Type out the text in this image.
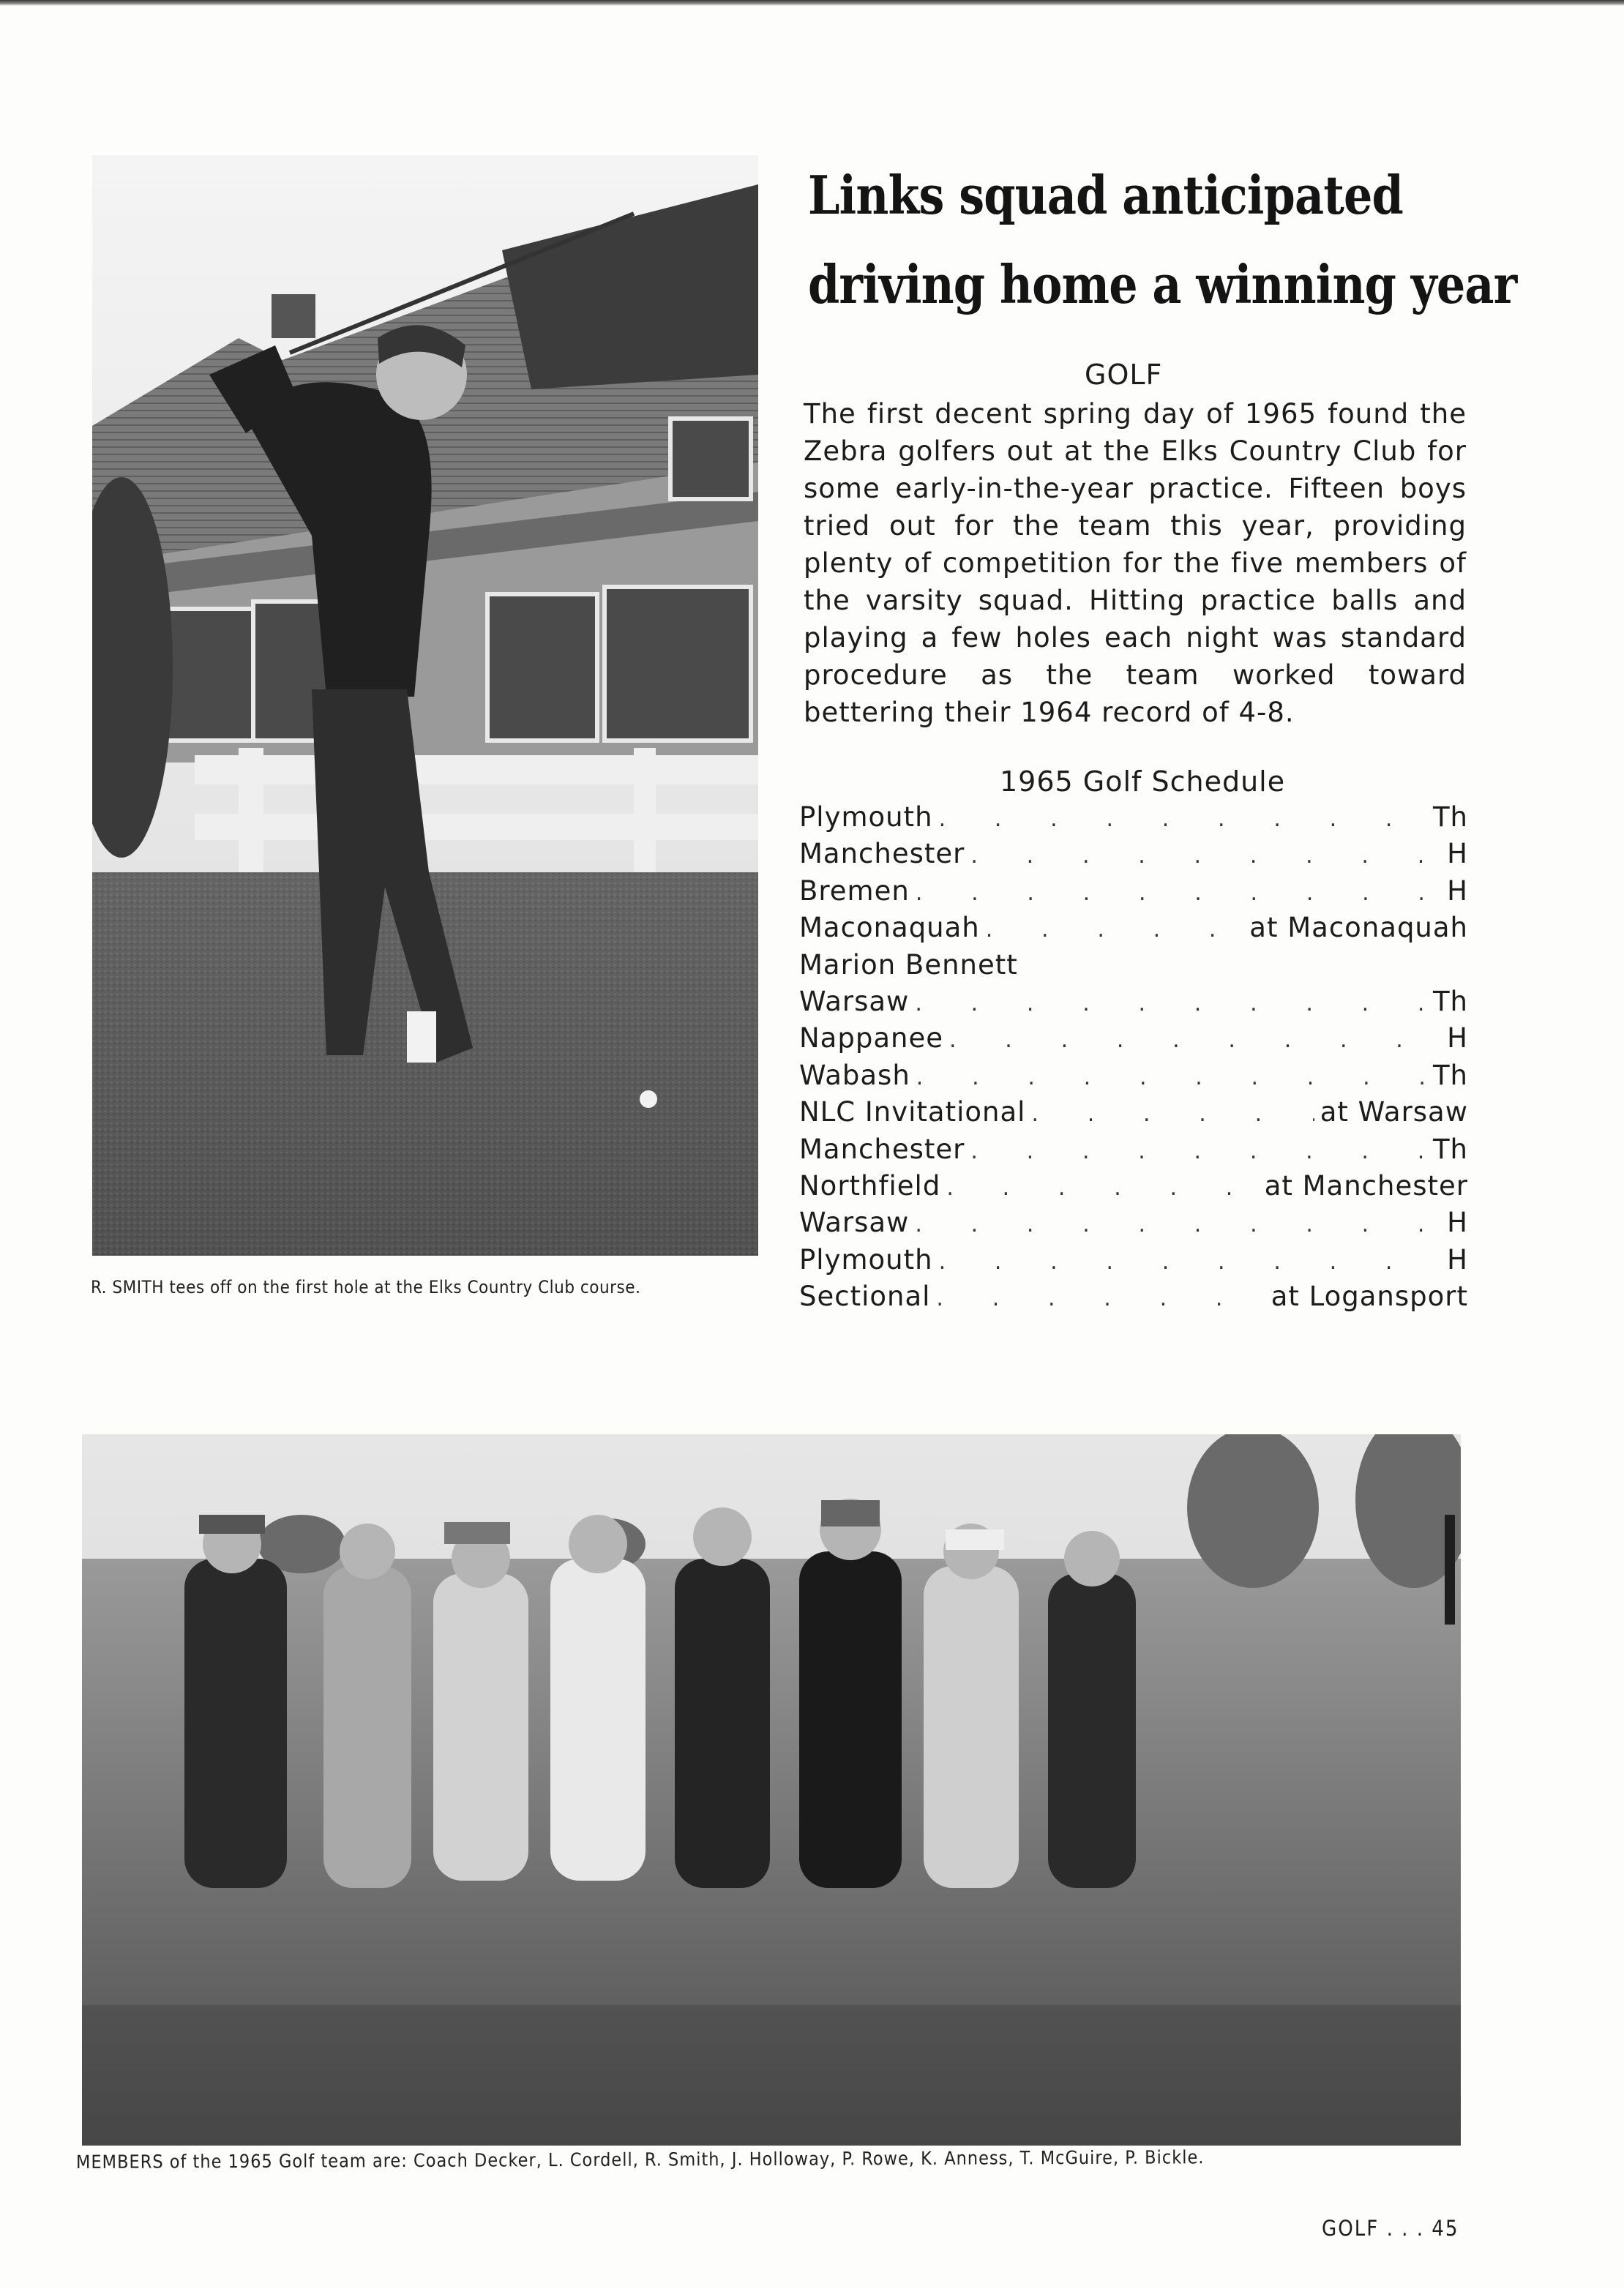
R. SMITH tees off on the first hole at the Elks Country Club course.
Links squad anticipated
driving home a winning year
GOLF

The first decent spring day of 1965 found the Zebra golfers out at the Elks Country Club for some early-in-the-year practice. Fifteen boys tried out for the team this year, providing plenty of competition for the five members of the varsity squad. Hitting practice balls and playing a few holes each night was standard procedure as the team worked toward bettering their 1964 record of 4-8.

1965 Golf Schedule
Plymouth .	Th
Manchester .	H
Bremen .	H
Maconaquah .	at Maconaquah
Marion Bennett
Warsaw .	Th
Nappanee .	H
Wabash .	Th
NLC Invitational .	at Warsaw
Manchester .	Th
Northfield .	at Manchester
Warsaw .	H
Plymouth .	H
Sectional .	at Logansport
MEMBERS of the 1965 Golf team are: Coach Decker, L. Cordell, R. Smith, J. Holloway, P. Rowe, K. Anness, T. McGuire, P. Bickle.
GOLF . . . 45
